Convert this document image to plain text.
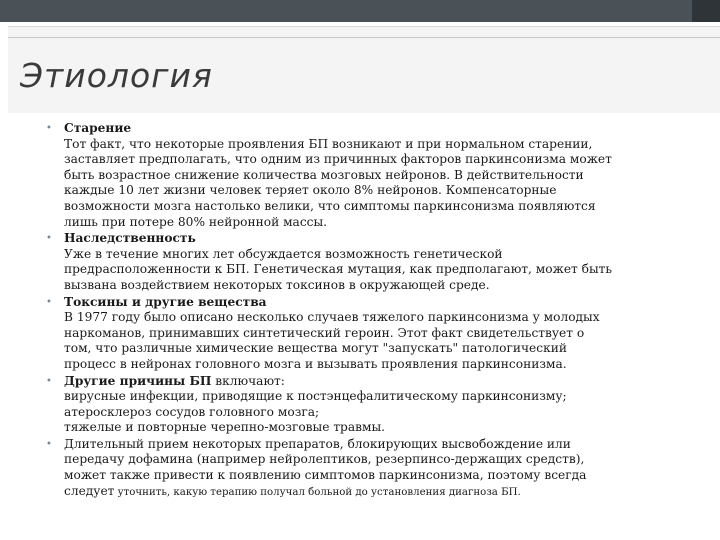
Этиология
• Старение
Тот факт, что некоторые проявления БП возникают и при нормальном старении,
заставляет предполагать, что одним из причинных факторов паркинсонизма может
быть возрастное снижение количества мозговых нейронов. В действительности
каждые 10 лет жизни человек теряет около 8% нейронов. Компенсаторные
возможности мозга настолько велики, что симптомы паркинсонизма появляются
лишь при потере 80% нейронной массы.
• Наследственность
Уже в течение многих лет обсуждается возможность генетической
предрасположенности к БП. Генетическая мутация, как предполагают, может быть
вызвана воздействием некоторых токсинов в окружающей среде.
• Токсины и другие вещества
В 1977 году было описано несколько случаев тяжелого паркинсонизма у молодых
наркоманов, принимавших синтетический героин. Этот факт свидетельствует о
том, что различные химические вещества могут "запускать" патологический
процесс в нейронах головного мозга и вызывать проявления паркинсонизма.
• Другие причины БП включают:
вирусные инфекции, приводящие к постэнцефалитическому паркинсонизму;
атеросклероз сосудов головного мозга;
тяжелые и повторные черепно-мозговые травмы.
• Длительный прием некоторых препаратов, блокирующих высвобождение или
передачу дофамина (например нейролептиков, резерпинсо-держащих средств),
может также привести к появлению симптомов паркинсонизма, поэтому всегда
следует уточнить, какую терапию получал больной до установления диагноза БП.
